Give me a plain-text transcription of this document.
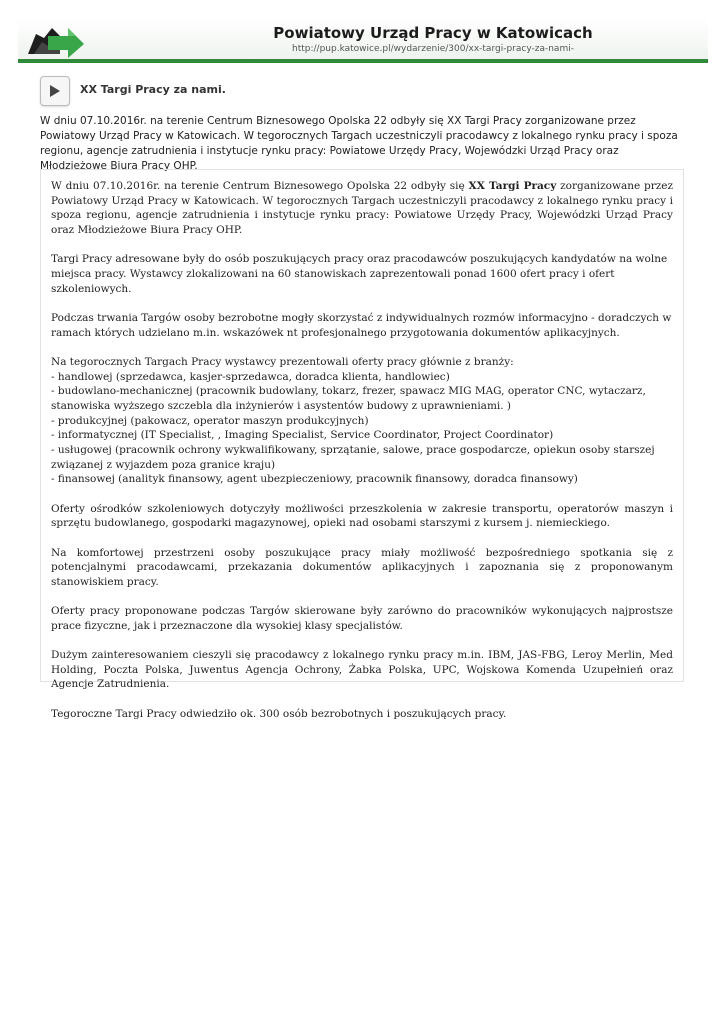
Powiatowy Urząd Pracy w Katowicach
http://pup.katowice.pl/wydarzenie/300/xx-targi-pracy-za-nami-
XX Targi Pracy za nami.
W dniu 07.10.2016r. na terenie Centrum Biznesowego Opolska 22 odbyły się XX Targi Pracy zorganizowane przez Powiatowy Urząd Pracy w Katowicach. W tegorocznych Targach uczestniczyli pracodawcy z lokalnego rynku pracy i spoza regionu, agencje zatrudnienia i instytucje rynku pracy: Powiatowe Urzędy Pracy, Wojewódzki Urząd Pracy oraz Młodzieżowe Biura Pracy OHP.

W dniu 07.10.2016r. na terenie Centrum Biznesowego Opolska 22 odbyły się XX Targi Pracy zorganizowane przez Powiatowy Urząd Pracy w Katowicach. W tegorocznych Targach uczestniczyli pracodawcy z lokalnego rynku pracy i spoza regionu, agencje zatrudnienia i instytucje rynku pracy: Powiatowe Urzędy Pracy, Wojewódzki Urząd Pracy oraz Młodzieżowe Biura Pracy OHP.

Targi Pracy adresowane były do osób poszukujących pracy oraz pracodawców poszukujących kandydatów na wolne miejsca pracy. Wystawcy zlokalizowani na 60 stanowiskach zaprezentowali ponad 1600 ofert pracy i ofert szkoleniowych.

Podczas trwania Targów osoby bezrobotne mogły skorzystać z indywidualnych rozmów informacyjno - doradczych w ramach których udzielano m.in. wskazówek nt profesjonalnego przygotowania dokumentów aplikacyjnych.

Na tegorocznych Targach Pracy wystawcy prezentowali oferty pracy głównie z branży:

- handlowej (sprzedawca, kasjer-sprzedawca, doradca klienta, handlowiec)
- budowlano-mechanicznej (pracownik budowlany, tokarz, frezer, spawacz MIG MAG, operator CNC, wytaczarz, stanowiska wyższego szczebla dla inżynierów i asystentów budowy z uprawnieniami. )
- produkcyjnej (pakowacz, operator maszyn produkcyjnych)
- informatycznej (IT Specialist, , Imaging Specialist, Service Coordinator, Project Coordinator)
- usługowej (pracownik ochrony wykwalifikowany, sprzątanie, salowe, prace gospodarcze, opiekun osoby starszej związanej z wyjazdem poza granice kraju)
- finansowej (analityk finansowy, agent ubezpieczeniowy, pracownik finansowy, doradca finansowy)

Oferty ośrodków szkoleniowych dotyczyły możliwości przeszkolenia w zakresie transportu, operatorów maszyn i sprzętu budowlanego, gospodarki magazynowej, opieki nad osobami starszymi z kursem j. niemieckiego.

Na komfortowej przestrzeni osoby poszukujące pracy miały możliwość bezpośredniego spotkania się z potencjalnymi pracodawcami, przekazania dokumentów aplikacyjnych i zapoznania się z proponowanym stanowiskiem pracy.

Oferty pracy proponowane podczas Targów skierowane były zarówno do pracowników wykonujących najprostsze prace fizyczne, jak i przeznaczone dla wysokiej klasy specjalistów.

Dużym zainteresowaniem cieszyli się pracodawcy z lokalnego rynku pracy m.in. IBM, JAS-FBG, Leroy Merlin, Med Holding, Poczta Polska, Juwentus Agencja Ochrony, Żabka Polska, UPC, Wojskowa Komenda Uzupełnień oraz Agencje Zatrudnienia.

Tegoroczne Targi Pracy odwiedziło ok. 300 osób bezrobotnych i poszukujących pracy.
